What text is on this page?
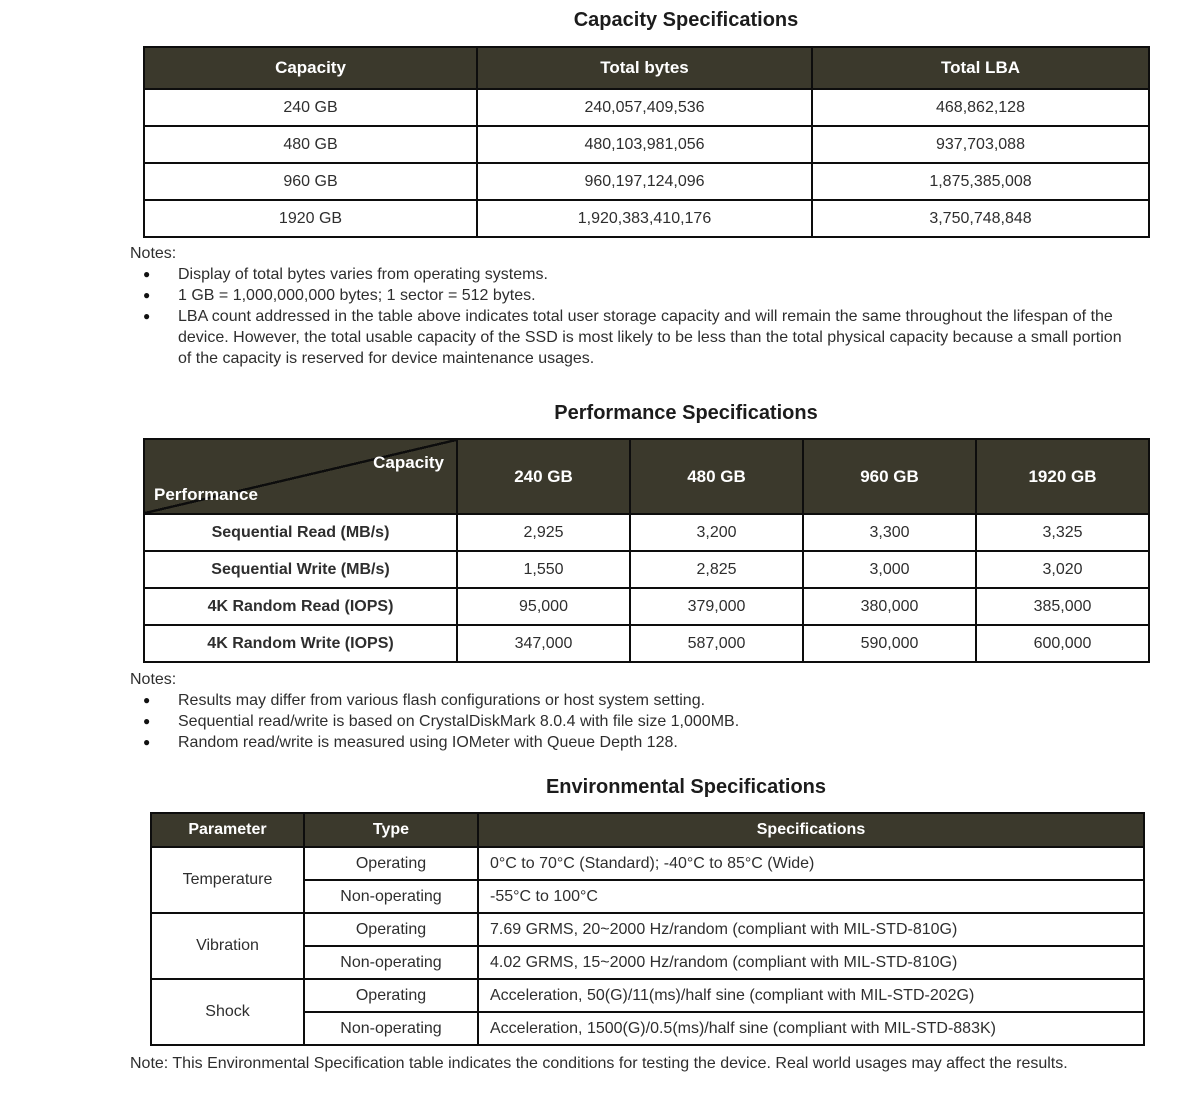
Capacity Specifications
Capacity	Total bytes	Total LBA
240 GB	240,057,409,536	468,862,128
480 GB	480,103,981,056	937,703,088
960 GB	960,197,124,096	1,875,385,008
1920 GB	1,920,383,410,176	3,750,748,848
Notes:
●	Display of total bytes varies from operating systems.
●	1 GB = 1,000,000,000 bytes; 1 sector = 512 bytes.
●	LBA count addressed in the table above indicates total user storage capacity and will remain the same throughout the lifespan of the device. However, the total usable capacity of the SSD is most likely to be less than the total physical capacity because a small portion of the capacity is reserved for device maintenance usages.
Performance Specifications
Capacity
Performance	240 GB	480 GB	960 GB	1920 GB
Sequential Read (MB/s)	2,925	3,200	3,300	3,325
Sequential Write (MB/s)	1,550	2,825	3,000	3,020
4K Random Read (IOPS)	95,000	379,000	380,000	385,000
4K Random Write (IOPS)	347,000	587,000	590,000	600,000
Notes:
●	Results may differ from various flash configurations or host system setting.
●	Sequential read/write is based on CrystalDiskMark 8.0.4 with file size 1,000MB.
●	Random read/write is measured using IOMeter with Queue Depth 128.
Environmental Specifications
Parameter	Type	Specifications
Temperature	Operating	0°C to 70°C (Standard); -40°C to 85°C (Wide)
	Non-operating	-55°C to 100°C
Vibration	Operating	7.69 GRMS, 20~2000 Hz/random (compliant with MIL-STD-810G)
	Non-operating	4.02 GRMS, 15~2000 Hz/random (compliant with MIL-STD-810G)
Shock	Operating	Acceleration, 50(G)/11(ms)/half sine (compliant with MIL-STD-202G)
	Non-operating	Acceleration, 1500(G)/0.5(ms)/half sine (compliant with MIL-STD-883K)
Note: This Environmental Specification table indicates the conditions for testing the device. Real world usages may affect the results.
